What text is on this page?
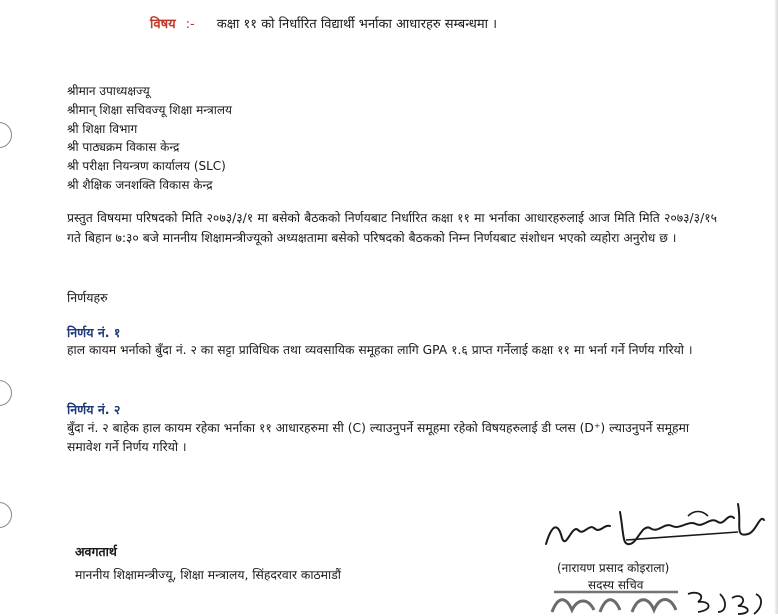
विषय :- कक्षा ११ को निर्धारित विद्यार्थी भर्नाका आधारहरु सम्बन्धमा ।
श्रीमान उपाध्यक्षज्यू
श्रीमान् शिक्षा सचिवज्यू शिक्षा मन्त्रालय
श्री शिक्षा विभाग
श्री पाठ्यक्रम विकास केन्द्र
श्री परीक्षा नियन्त्रण कार्यालय (SLC)
श्री शैक्षिक जनशक्ति विकास केन्द्र
प्रस्तुत विषयमा परिषदको मिति २०७३/३/१ मा बसेको बैठकको निर्णयबाट निर्धारित कक्षा ११ मा भर्नाका आधारहरुलाई आज मिति मिति २०७३/३/१५ गते बिहान ७:३० बजे माननीय शिक्षामन्त्रीज्यूको अध्यक्षतामा बसेको परिषदको बैठकको निम्न निर्णयबाट संशोधन भएको व्यहोरा अनुरोध छ ।
निर्णयहरु
निर्णय नं. १
हाल कायम भर्नाको बुँदा नं. २ का सट्टा प्राविधिक तथा व्यवसायिक समूहका लागि GPA १.६ प्राप्त गर्नेलाई कक्षा ११ मा भर्ना गर्ने निर्णय गरियो ।
निर्णय नं. २
बुँदा नं. २ बाहेक हाल कायम रहेका भर्नाका ११ आधारहरुमा सी (C) ल्याउनुपर्ने समूहमा रहेको विषयहरुलाई डी प्लस (D⁺) ल्याउनुपर्ने समूहमा समावेश गर्ने निर्णय गरियो ।
(नारायण प्रसाद कोइराला)
सदस्य सचिव
अवगतार्थ
माननीय शिक्षामन्त्रीज्यू, शिक्षा मन्त्रालय, सिंहदरवार काठमाडौं
